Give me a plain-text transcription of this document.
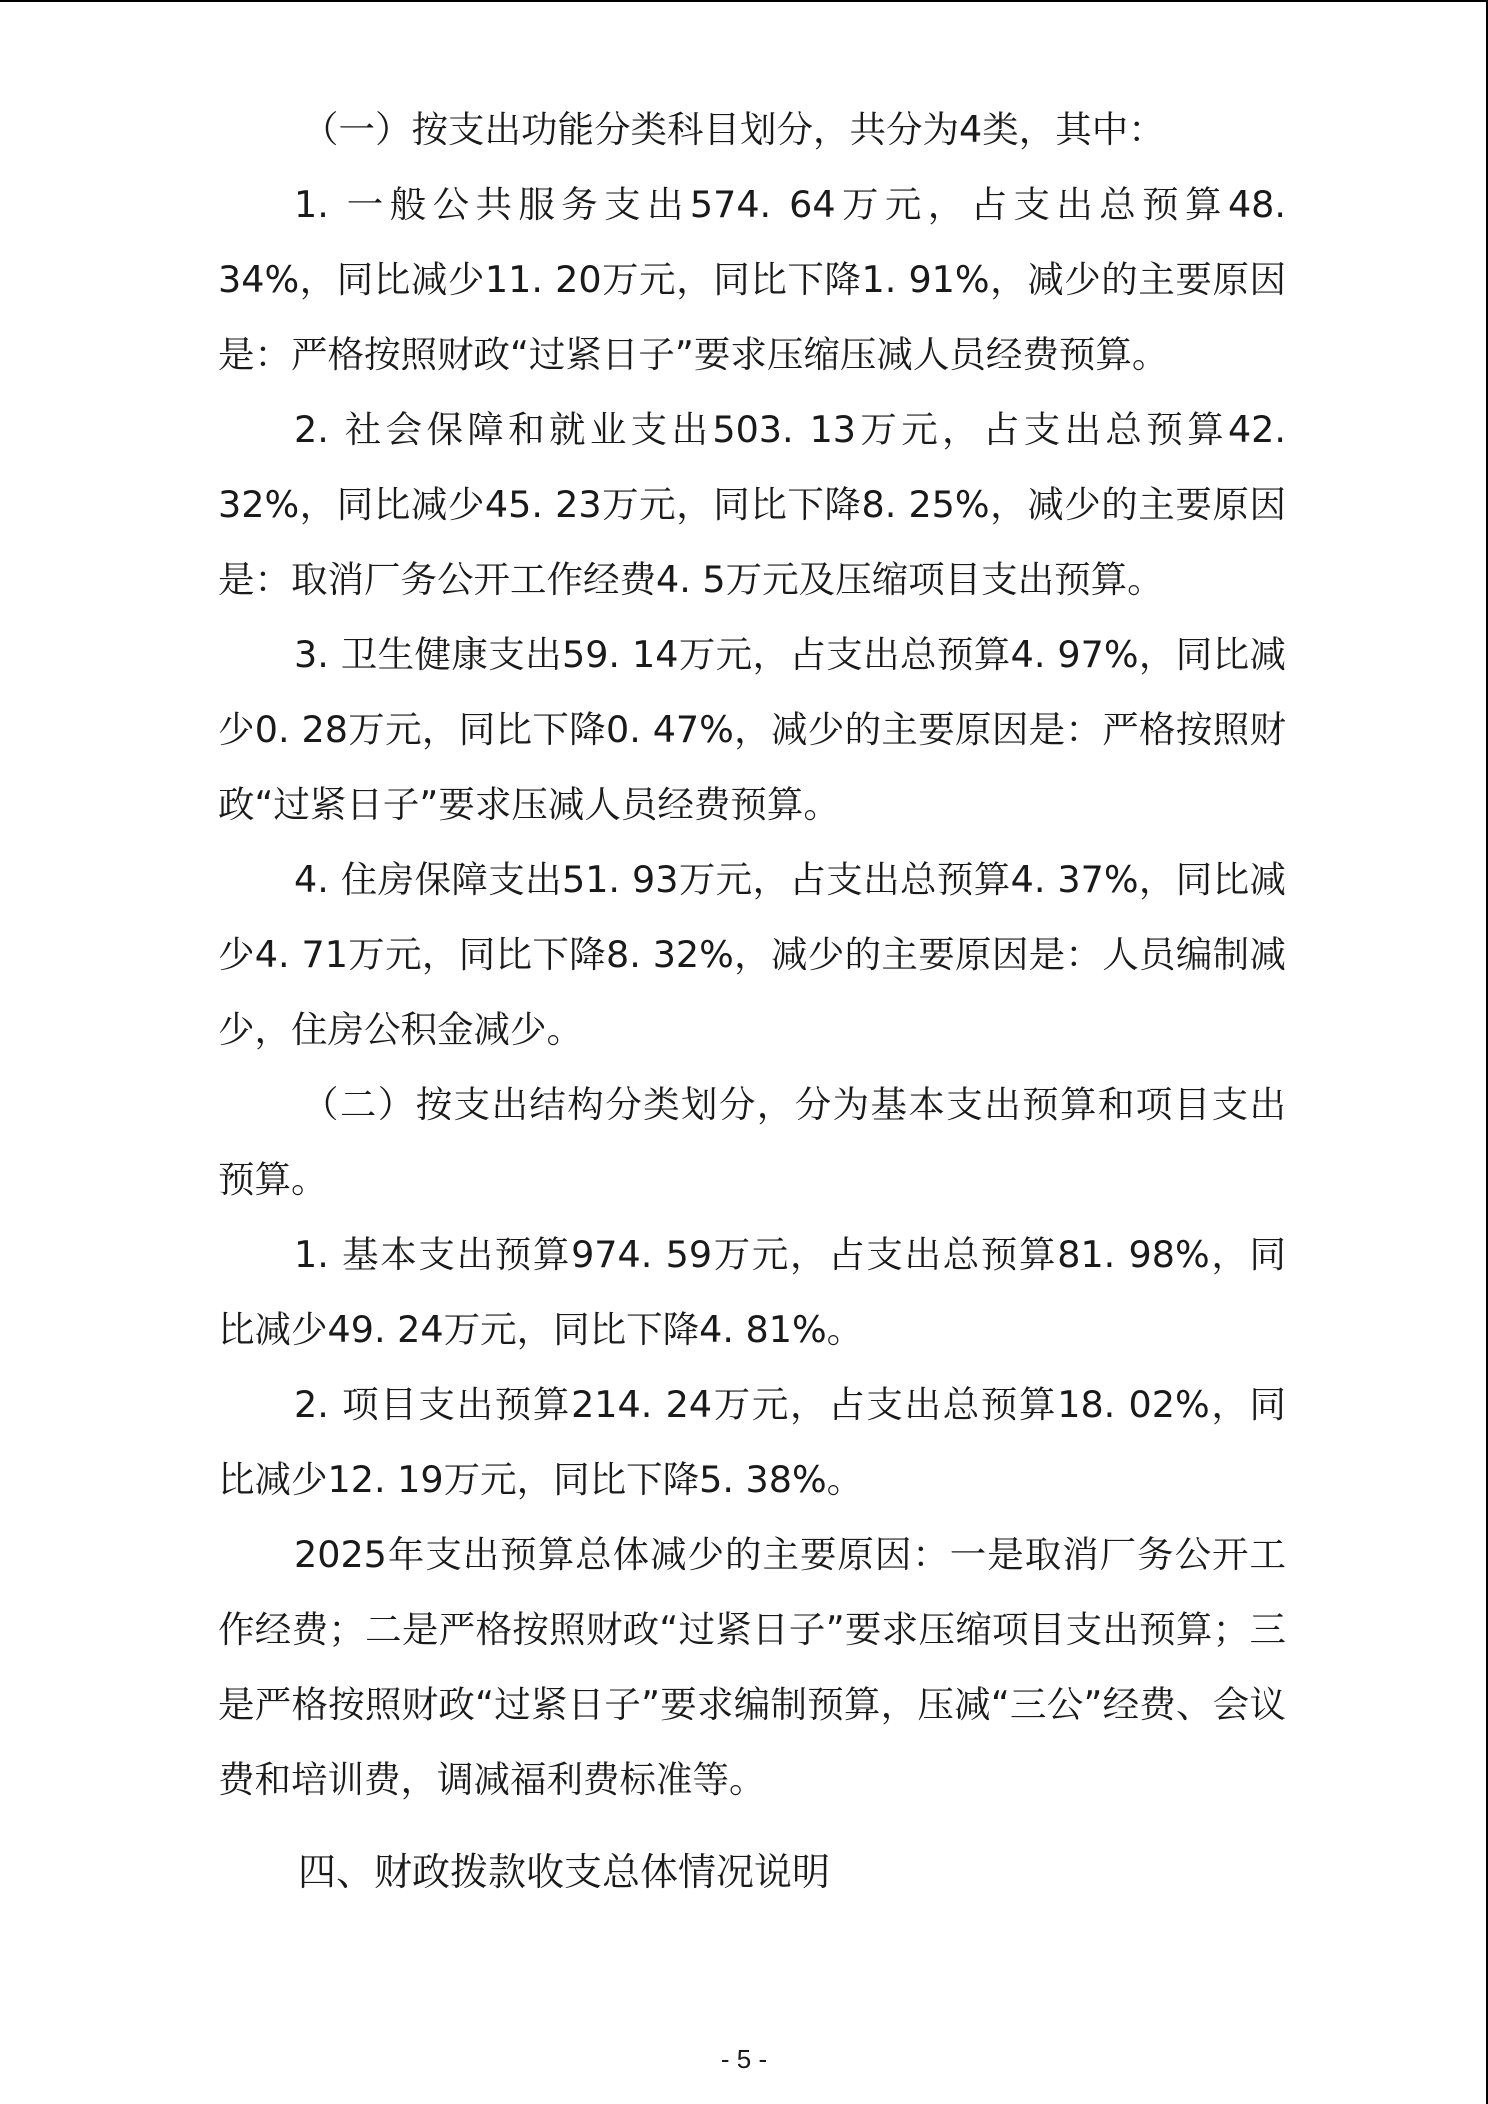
（一）按支出功能分类科目划分，共分为4类，其中：

1. 一般公共服务支出574. 64万元，占支出总预算48. 34%，同比减少11. 20万元，同比下降1. 91%，减少的主要原因是：严格按照财政“过紧日子”要求压缩压减人员经费预算。

2. 社会保障和就业支出503. 13万元，占支出总预算42. 32%，同比减少45. 23万元，同比下降8. 25%，减少的主要原因是：取消厂务公开工作经费4. 5万元及压缩项目支出预算。

3. 卫生健康支出59. 14万元，占支出总预算4. 97%，同比减少0. 28万元，同比下降0. 47%，减少的主要原因是：严格按照财政“过紧日子”要求压减人员经费预算。

4. 住房保障支出51. 93万元，占支出总预算4. 37%，同比减少4. 71万元，同比下降8. 32%，减少的主要原因是：人员编制减少，住房公积金减少。

（二）按支出结构分类划分，分为基本支出预算和项目支出预算。

1. 基本支出预算974. 59万元，占支出总预算81. 98%，同比减少49. 24万元，同比下降4. 81%。

2. 项目支出预算214. 24万元，占支出总预算18. 02%，同比减少12. 19万元，同比下降5. 38%。

2025年支出预算总体减少的主要原因：一是取消厂务公开工作经费；二是严格按照财政“过紧日子”要求压缩项目支出预算；三是严格按照财政“过紧日子”要求编制预算，压减“三公”经费、会议费和培训费，调减福利费标准等。

四、财政拨款收支总体情况说明

- 5 -
